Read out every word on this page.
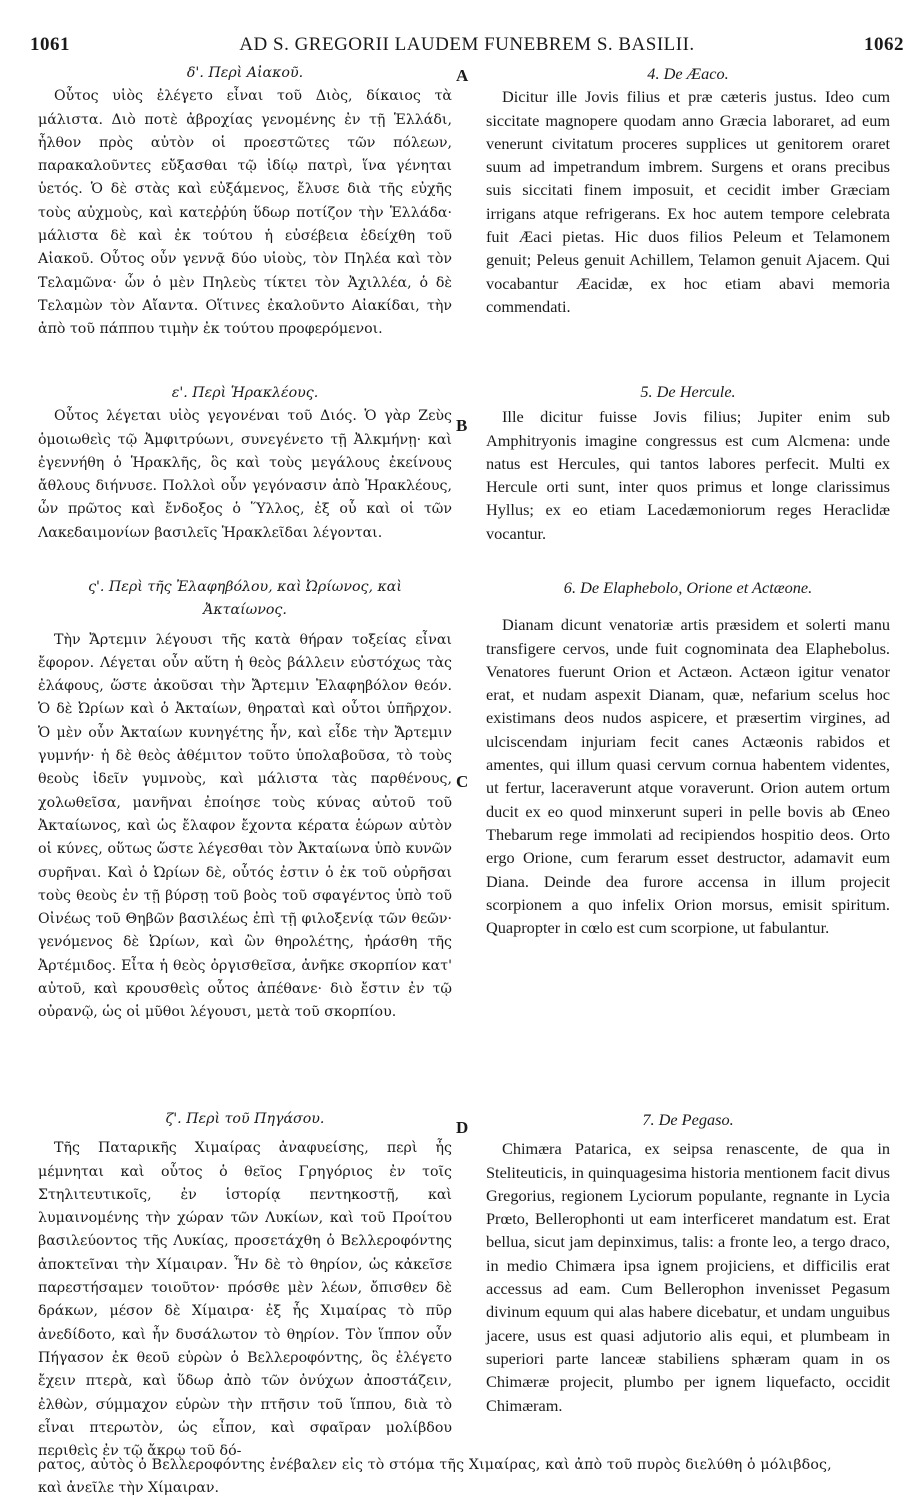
1061	AD S. GREGORII LAUDEM FUNEBREM S. BASILII.	1062

δ'. Περὶ Αἰακοῦ.

Οὗτος υἱὸς ἐλέγετο εἶναι τοῦ Διὸς, δίκαιος τὰ μάλιστα. Διὸ ποτὲ ἀβροχίας γενομένης ἐν τῇ Ἑλλάδι, ἦλθον πρὸς αὐτὸν οἱ προεστῶτες τῶν πόλεων, παρακαλοῦντες εὔξασθαι τῷ ἰδίῳ πατρὶ, ἵνα γένηται ὑετός. Ὁ δὲ στὰς καὶ εὐξάμενος, ἔλυσε διὰ τῆς εὐχῆς τοὺς αὐχμοὺς, καὶ κατεῤῥύη ὕδωρ ποτίζον τὴν Ἑλλάδα· μάλιστα δὲ καὶ ἐκ τούτου ἡ εὐσέβεια ἐδείχθη τοῦ Αἰακοῦ. Οὗτος οὖν γεννᾷ δύο υἱοὺς, τὸν Πηλέα καὶ τὸν Τελαμῶνα· ὧν ὁ μὲν Πηλεὺς τίκτει τὸν Ἀχιλλέα, ὁ δὲ Τελαμὼν τὸν Αἴαντα. Οἵτινες ἐκαλοῦντο Αἰακίδαι, τὴν ἀπὸ τοῦ πάππου τιμὴν ἐκ τούτου προφερόμενοι.

ε'. Περὶ Ἡρακλέους.

Οὗτος λέγεται υἱὸς γεγονέναι τοῦ Διός. Ὁ γὰρ Ζεὺς ὁμοιωθεὶς τῷ Ἀμφιτρύωνι, συνεγένετο τῇ Ἀλκμήνῃ· καὶ ἐγεννήθη ὁ Ἡρακλῆς, ὃς καὶ τοὺς μεγάλους ἐκείνους ἄθλους διήνυσε. Πολλοὶ οὖν γεγόνασιν ἀπὸ Ἡρακλέους, ὧν πρῶτος καὶ ἔνδοξος ὁ Ὕλλος, ἐξ οὗ καὶ οἱ τῶν Λακεδαιμονίων βασιλεῖς Ἡρακλεῖδαι λέγονται.

ς'. Περὶ τῆς Ἐλαφηβόλου, καὶ Ὠρίωνος, καὶ

Ἀκταίωνος.

Τὴν Ἄρτεμιν λέγουσι τῆς κατὰ θήραν τοξείας εἶναι ἔφορον. Λέγεται οὖν αὕτη ἡ θεὸς βάλλειν εὐστόχως τὰς ἐλάφους, ὥστε ἀκοῦσαι τὴν Ἄρτεμιν Ἐλαφηβόλον θεόν. Ὁ δὲ Ὠρίων καὶ ὁ Ἀκταίων, θηραταὶ καὶ οὗτοι ὑπῆρχον. Ὁ μὲν οὖν Ἀκταίων κυνηγέτης ἦν, καὶ εἶδε τὴν Ἄρτεμιν γυμνήν· ἡ δὲ θεὸς ἀθέμιτον τοῦτο ὑπολαβοῦσα, τὸ τοὺς θεοὺς ἰδεῖν γυμνοὺς, καὶ μάλιστα τὰς παρθένους, χολωθεῖσα, μανῆναι ἐποίησε τοὺς κύνας αὐτοῦ τοῦ Ἀκταίωνος, καὶ ὡς ἔλαφον ἔχοντα κέρατα ἑώρων αὐτὸν οἱ κύνες, οὕτως ὥστε λέγεσθαι τὸν Ἀκταίωνα ὑπὸ κυνῶν συρῆναι. Καὶ ὁ Ὠρίων δὲ, οὗτός ἐστιν ὁ ἐκ τοῦ οὐρῆσαι τοὺς θεοὺς ἐν τῇ βύρσῃ τοῦ βοὸς τοῦ σφαγέντος ὑπὸ τοῦ Οἰνέως τοῦ Θηβῶν βασιλέως ἐπὶ τῇ φιλοξενίᾳ τῶν θεῶν· γενόμενος δὲ Ὠρίων, καὶ ὢν θηρολέτης, ἠράσθη τῆς Ἀρτέμιδος. Εἶτα ἡ θεὸς ὀργισθεῖσα, ἀνῆκε σκορπίον κατ' αὐτοῦ, καὶ κρουσθεὶς οὗτος ἀπέθανε· διὸ ἔστιν ἐν τῷ οὐρανῷ, ὡς οἱ μῦθοι λέγουσι, μετὰ τοῦ σκορπίου.

ζ'. Περὶ τοῦ Πηγάσου.

Τῆς Παταρικῆς Χιμαίρας ἀναφυείσης, περὶ ἧς μέμνηται καὶ οὗτος ὁ θεῖος Γρηγόριος ἐν τοῖς Στηλιτευτικοῖς, ἐν ἱστορίᾳ πεντηκοστῇ, καὶ λυμαινομένης τὴν χώραν τῶν Λυκίων, καὶ τοῦ Προίτου βασιλεύοντος τῆς Λυκίας, προσετάχθη ὁ Βελλεροφόντης ἀποκτεῖναι τὴν Χίμαιραν. Ἦν δὲ τὸ θηρίον, ὡς κἀκεῖσε παρεστήσαμεν τοιοῦτον· πρόσθε μὲν λέων, ὄπισθεν δὲ δράκων, μέσον δὲ Χίμαιρα· ἐξ ἧς Χιμαίρας τὸ πῦρ ἀνεδίδοτο, καὶ ἦν δυσάλωτον τὸ θηρίον. Τὸν ἵππον οὖν Πήγασον ἐκ θεοῦ εὑρὼν ὁ Βελλεροφόντης, ὃς ἐλέγετο ἔχειν πτερὰ, καὶ ὕδωρ ἀπὸ τῶν ὀνύχων ἀποστάζειν, ἐλθὼν, σύμμαχον εὑρὼν τὴν πτῆσιν τοῦ ἵππου, διὰ τὸ εἶναι πτερωτὸν, ὡς εἶπον, καὶ σφαῖραν μολίβδου περιθεὶς ἐν τῷ ἄκρῳ τοῦ δό-

A
B
C
D

4. De Æaco.

Dicitur ille Jovis filius et præ cæteris justus. Ideo cum siccitate magnopere quodam anno Græcia laboraret, ad eum venerunt civitatum proceres supplices ut genitorem oraret suum ad impetrandum imbrem. Surgens et orans precibus suis siccitati finem imposuit, et cecidit imber Græciam irrigans atque refrigerans. Ex hoc autem tempore celebrata fuit Æaci pietas. Hic duos filios Peleum et Telamonem genuit; Peleus genuit Achillem, Telamon genuit Ajacem. Qui vocabantur Æacidæ, ex hoc etiam abavi memoria commendati.

5. De Hercule.

Ille dicitur fuisse Jovis filius; Jupiter enim sub Amphitryonis imagine congressus est cum Alcmena: unde natus est Hercules, qui tantos labores perfecit. Multi ex Hercule orti sunt, inter quos primus et longe clarissimus Hyllus; ex eo etiam Lacedæmoniorum reges Heraclidæ vocantur.

6. De Elaphebolo, Orione et Actæone.

Dianam dicunt venatoriæ artis præsidem et solerti manu transfigere cervos, unde fuit cognominata dea Elaphebolus. Venatores fuerunt Orion et Actæon. Actæon igitur venator erat, et nudam aspexit Dianam, quæ, nefarium scelus hoc existimans deos nudos aspicere, et præsertim virgines, ad ulciscendam injuriam fecit canes Actæonis rabidos et amentes, qui illum quasi cervum cornua habentem videntes, ut fertur, laceraverunt atque voraverunt. Orion autem ortum ducit ex eo quod minxerunt superi in pelle bovis ab Œneo Thebarum rege immolati ad recipiendos hospitio deos. Orto ergo Orione, cum ferarum esset destructor, adamavit eum Diana. Deinde dea furore accensa in illum projecit scorpionem a quo infelix Orion morsus, emisit spiritum. Quapropter in cœlo est cum scorpione, ut fabulantur.

7. De Pegaso.

Chimæra Patarica, ex seipsa renascente, de qua in Steliteuticis, in quinquagesima historia mentionem facit divus Gregorius, regionem Lyciorum populante, regnante in Lycia Prœto, Bellerophonti ut eam interficeret mandatum est. Erat bellua, sicut jam depinximus, talis: a fronte leo, a tergo draco, in medio Chimæra ipsa ignem projiciens, et difficilis erat accessus ad eam. Cum Bellerophon invenisset Pegasum divinum equum qui alas habere dicebatur, et undam unguibus jacere, usus est quasi adjutorio alis equi, et plumbeam in superiori parte lanceæ stabiliens sphæram quam in os Chimæræ projecit, plumbo per ignem liquefacto, occidit Chimæram.

ρατος, αὐτὸς ὁ Βελλεροφόντης ἐνέβαλεν εἰς τὸ στόμα τῆς Χιμαίρας, καὶ ἀπὸ τοῦ πυρὸς διελύθη ὁ μόλιβδος,
καὶ ἀνεῖλε τὴν Χίμαιραν.
